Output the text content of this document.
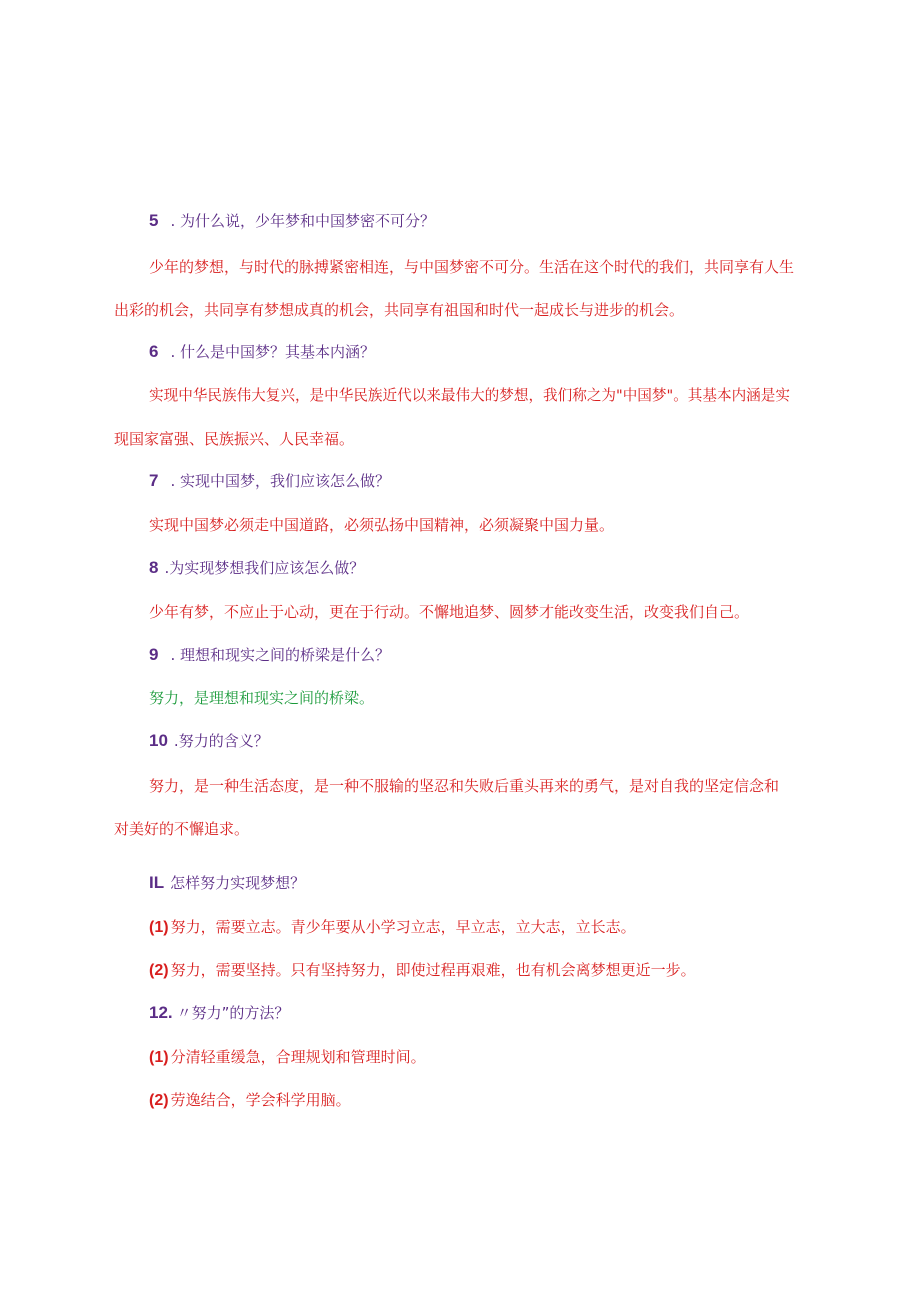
5 . 为什么说，少年梦和中国梦密不可分？
少年的梦想，与时代的脉搏紧密相连，与中国梦密不可分。生活在这个时代的我们，共同享有人生
出彩的机会，共同享有梦想成真的机会，共同享有祖国和时代一起成长与进步的机会。
6 . 什么是中国梦？其基本内涵？
实现中华民族伟大复兴，是中华民族近代以来最伟大的梦想，我们称之为"中国梦"。其基本内涵是实
现国家富强、民族振兴、人民幸福。
7 . 实现中国梦，我们应该怎么做？
实现中国梦必须走中国道路，必须弘扬中国精神，必须凝聚中国力量。
8 .为实现梦想我们应该怎么做？
少年有梦，不应止于心动，更在于行动。不懈地追梦、圆梦才能改变生活，改变我们自己。
9 . 理想和现实之间的桥梁是什么？
努力，是理想和现实之间的桥梁。
10 .努力的含义？
努力，是一种生活态度，是一种不服输的坚忍和失败后重头再来的勇气，是对自我的坚定信念和
对美好的不懈追求。
IL 怎样努力实现梦想？
(1) 努力，需要立志。青少年要从小学习立志，早立志，立大志，立长志。
(2) 努力，需要坚持。只有坚持努力，即使过程再艰难，也有机会离梦想更近一步。
12. 〃努力”的方法？
(1) 分清轻重缓急，合理规划和管理时间。
(2) 劳逸结合，学会科学用脑。
